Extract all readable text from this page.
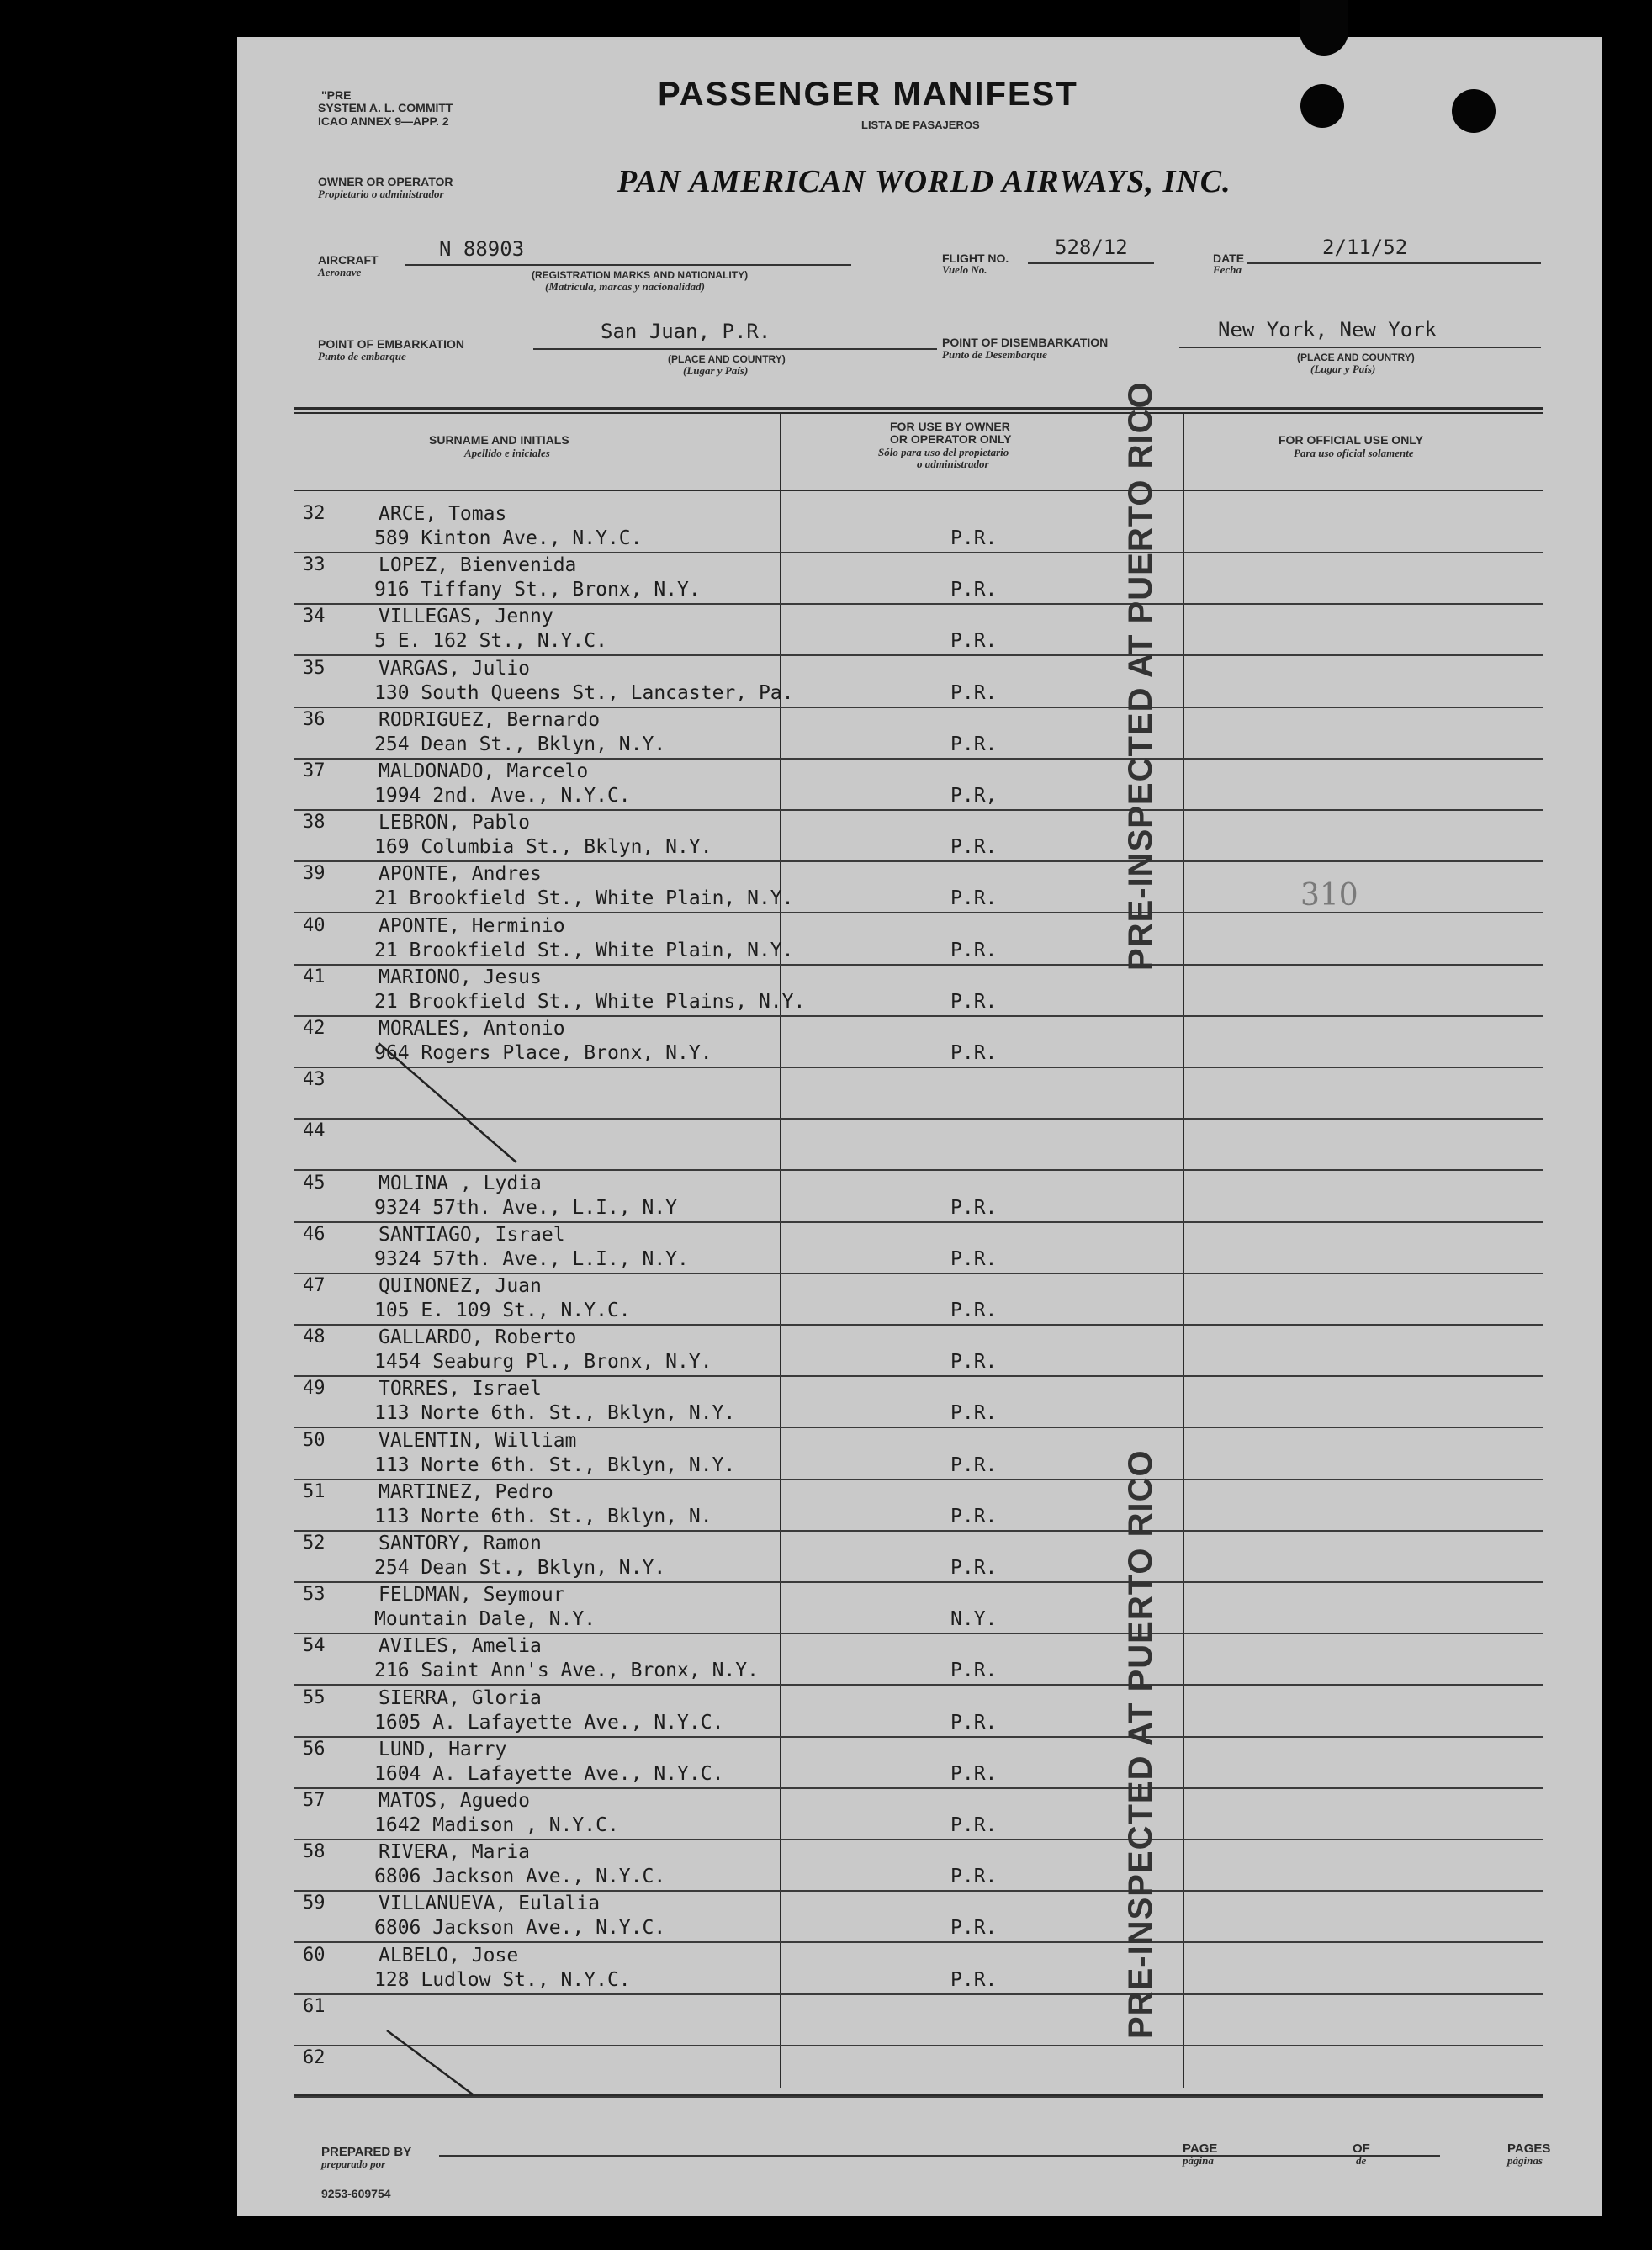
"PRE
SYSTEM A. L. COMMITT
ICAO ANNEX 9—APP. 2
PASSENGER MANIFEST
LISTA DE PASAJEROS
OWNER OR OPERATOR
Propietario o administrador	PAN AMERICAN WORLD AIRWAYS, INC.
AIRCRAFT
Aeronave
N 88903
(REGISTRATION MARKS AND NATIONALITY)
(Matrícula, marcas y nacionalidad)
FLIGHT NO.
Vuelo No.
528/12	DATE
Fecha
2/11/52
POINT OF EMBARKATION
Punto de embarque
San Juan, P.R.
(PLACE AND COUNTRY)
(Lugar y País)
POINT OF DISEMBARKATION
Punto de Desembarque
New York, New York
(PLACE AND COUNTRY)
(Lugar y País)
SURNAME AND INITIALS
Apellido e iniciales
FOR USE BY OWNER
OR OPERATOR ONLY
Sólo para uso del propietario
o administrador
FOR OFFICIAL USE ONLY
Para uso oficial solamente
32	ARCE, Tomas
589 Kinton Ave., N.Y.C.	P.R.
33	LOPEZ, Bienvenida
916 Tiffany St., Bronx, N.Y.	P.R.
34	VILLEGAS, Jenny
5 E. 162 St., N.Y.C.	P.R.
35	VARGAS, Julio
130 South Queens St., Lancaster, Pa.	P.R.
36	RODRIGUEZ, Bernardo
254 Dean St., Bklyn, N.Y.	P.R.
37	MALDONADO, Marcelo
1994 2nd. Ave., N.Y.C.	P.R,
38	LEBRON, Pablo
169 Columbia St., Bklyn, N.Y.	P.R.
39	APONTE, Andres
21 Brookfield St., White Plain, N.Y.	P.R.
40	APONTE, Herminio
21 Brookfield St., White Plain, N.Y.	P.R.
41	MARIONO, Jesus
21 Brookfield St., White Plains, N.Y.	P.R.
42	MORALES, Antonio
964 Rogers Place, Bronx, N.Y.	P.R.
43
44
45	MOLINA , Lydia
9324 57th. Ave., L.I., N.Y	P.R.
46	SANTIAGO, Israel
9324 57th. Ave., L.I., N.Y.	P.R.
47	QUINONEZ, Juan
105 E. 109 St., N.Y.C.	P.R.
48	GALLARDO, Roberto
1454 Seaburg Pl., Bronx, N.Y.	P.R.
49	TORRES, Israel
113 Norte 6th. St., Bklyn, N.Y.	P.R.
50	VALENTIN, William
113 Norte 6th. St., Bklyn, N.Y.	P.R.
51	MARTINEZ, Pedro
113 Norte 6th. St., Bklyn, N.	P.R.
52	SANTORY, Ramon
254 Dean St., Bklyn, N.Y.	P.R.
53	FELDMAN, Seymour
Mountain Dale, N.Y.	N.Y.
54	AVILES, Amelia
216 Saint Ann's Ave., Bronx, N.Y.	P.R.
55	SIERRA, Gloria
1605 A. Lafayette Ave., N.Y.C.	P.R.
56	LUND, Harry
1604 A. Lafayette Ave., N.Y.C.	P.R.
57	MATOS, Aguedo
1642 Madison , N.Y.C.	P.R.
58	RIVERA, Maria
6806 Jackson Ave., N.Y.C.	P.R.
59	VILLANUEVA, Eulalia
6806 Jackson Ave., N.Y.C.	P.R.
60	ALBELO, Jose
128 Ludlow St., N.Y.C.	P.R.
61
62
PRE-INSPECTED AT PUERTO RICO
PRE-INSPECTED AT PUERTO RICO
310
PREPARED BY
preparado por
PAGE
página
OF
de
PAGES
páginas
9253-609754
